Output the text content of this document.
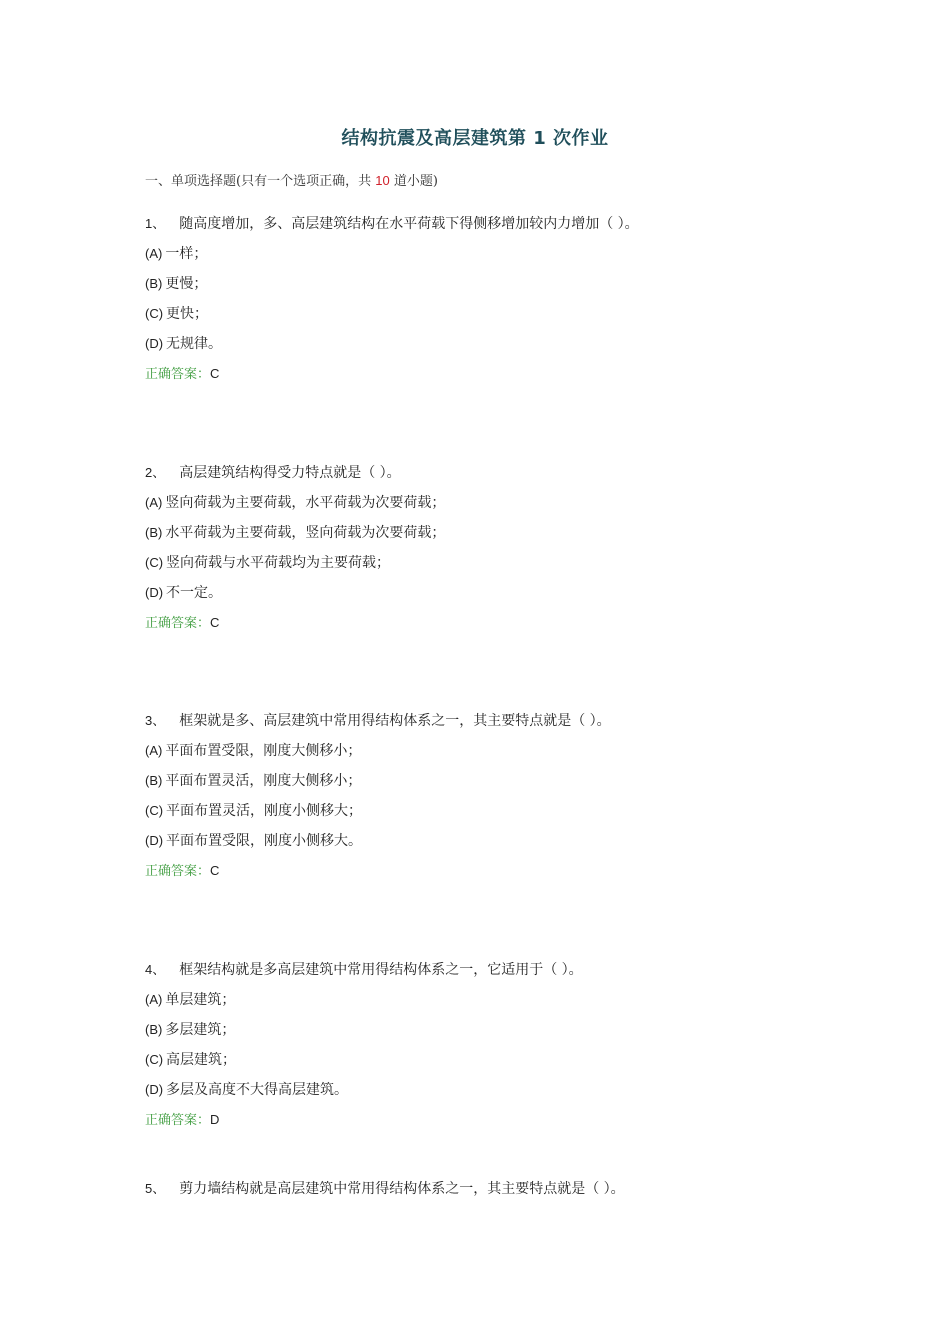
结构抗震及高层建筑第 1 次作业
一、单项选择题(只有一个选项正确，共 10 道小题)
1、 随高度增加，多、高层建筑结构在水平荷载下得侧移增加较内力增加（ ）。
(A) 一样；
(B) 更慢；
(C) 更快；
(D) 无规律。
正确答案：C
2、 高层建筑结构得受力特点就是（ ）。
(A) 竖向荷载为主要荷载，水平荷载为次要荷载；
(B) 水平荷载为主要荷载，竖向荷载为次要荷载；
(C) 竖向荷载与水平荷载均为主要荷载；
(D) 不一定。
正确答案：C
3、 框架就是多、高层建筑中常用得结构体系之一，其主要特点就是（ ）。
(A) 平面布置受限，刚度大侧移小；
(B) 平面布置灵活，刚度大侧移小；
(C) 平面布置灵活，刚度小侧移大；
(D) 平面布置受限，刚度小侧移大。
正确答案：C
4、 框架结构就是多高层建筑中常用得结构体系之一，它适用于（ ）。
(A) 单层建筑；
(B) 多层建筑；
(C) 高层建筑；
(D) 多层及高度不大得高层建筑。
正确答案：D
5、 剪力墙结构就是高层建筑中常用得结构体系之一，其主要特点就是（ ）。
